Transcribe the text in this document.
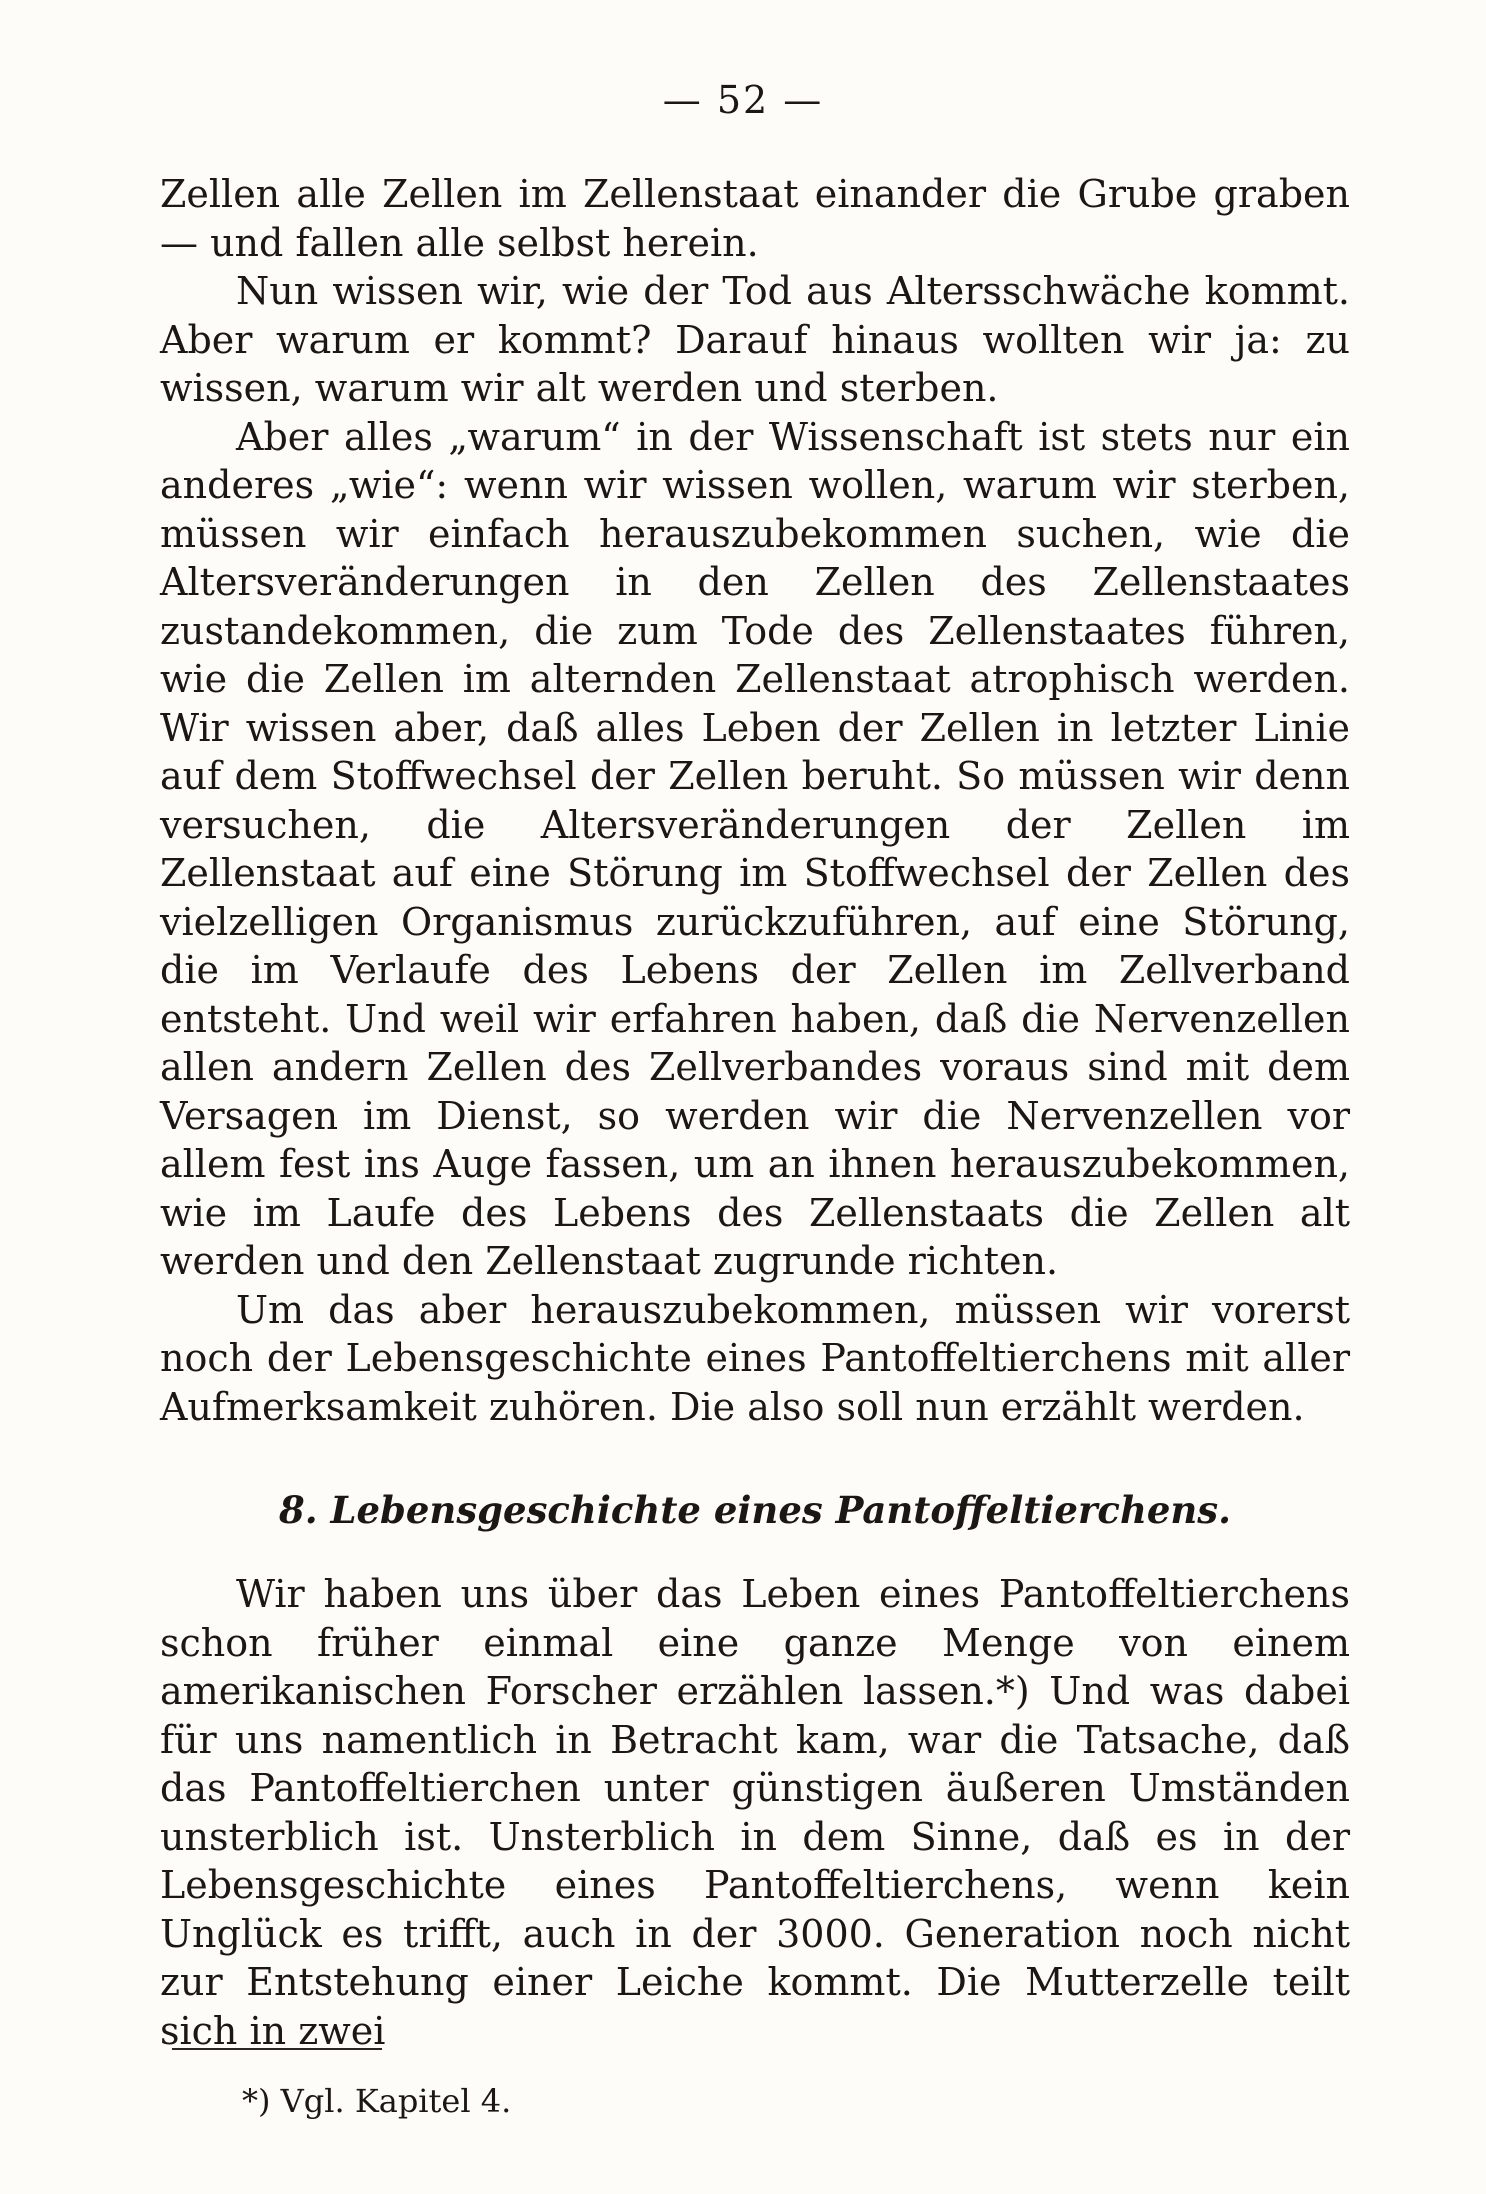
— 52 —

Zellen alle Zellen im Zellenstaat einander die Grube graben — und fallen alle selbst herein.

Nun wissen wir, wie der Tod aus Altersschwäche kommt. Aber warum er kommt? Darauf hinaus wollten wir ja: zu wissen, warum wir alt werden und sterben.

Aber alles „warum“ in der Wissenschaft ist stets nur ein anderes „wie“: wenn wir wissen wollen, warum wir sterben, müssen wir einfach herauszubekommen suchen, wie die Altersveränderungen in den Zellen des Zellenstaates zustandekommen, die zum Tode des Zellenstaates führen, wie die Zellen im alternden Zellenstaat atrophisch werden. Wir wissen aber, daß alles Leben der Zellen in letzter Linie auf dem Stoffwechsel der Zellen beruht. So müssen wir denn versuchen, die Altersveränderungen der Zellen im Zellenstaat auf eine Störung im Stoffwechsel der Zellen des vielzelligen Organismus zurückzuführen, auf eine Störung, die im Verlaufe des Lebens der Zellen im Zellverband entsteht. Und weil wir erfahren haben, daß die Nervenzellen allen andern Zellen des Zellverbandes voraus sind mit dem Versagen im Dienst, so werden wir die Nervenzellen vor allem fest ins Auge fassen, um an ihnen herauszubekommen, wie im Laufe des Lebens des Zellenstaats die Zellen alt werden und den Zellenstaat zugrunde richten.

Um das aber herauszubekommen, müssen wir vorerst noch der Lebensgeschichte eines Pantoffeltierchens mit aller Aufmerksamkeit zuhören. Die also soll nun erzählt werden.

8. Lebensgeschichte eines Pantoffeltierchens.

Wir haben uns über das Leben eines Pantoffeltierchens schon früher einmal eine ganze Menge von einem amerikanischen Forscher erzählen lassen.*) Und was dabei für uns namentlich in Betracht kam, war die Tatsache, daß das Pantoffeltierchen unter günstigen äußeren Umständen unsterblich ist. Unsterblich in dem Sinne, daß es in der Lebensgeschichte eines Pantoffeltierchens, wenn kein Unglück es trifft, auch in der 3000. Generation noch nicht zur Entstehung einer Leiche kommt. Die Mutterzelle teilt sich in zwei

*) Vgl. Kapitel 4.
